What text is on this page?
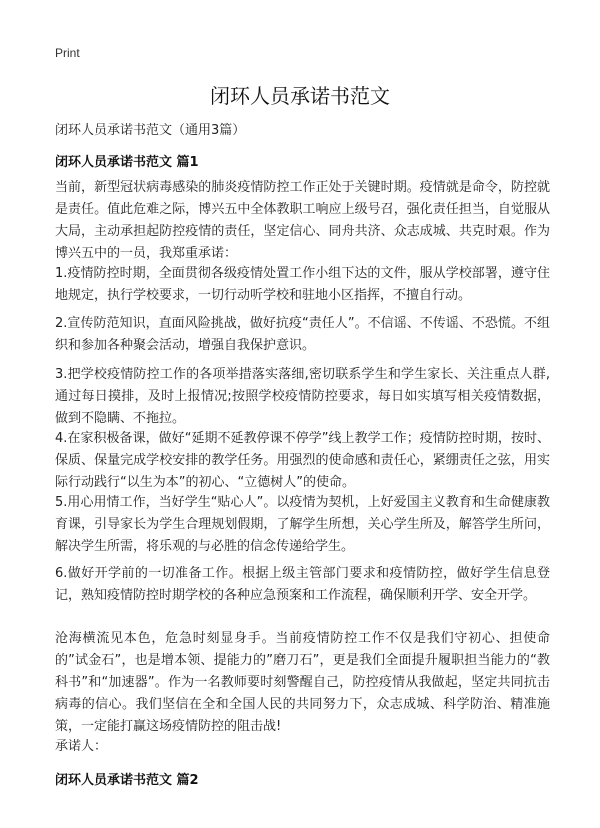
Print
闭环人员承诺书范文
闭环人员承诺书范文（通用3篇）
闭环人员承诺书范文 篇1

当前，新型冠状病毒感染的肺炎疫情防控工作正处于关键时期。疫情就是命令，防控就是责任。值此危难之际，博兴五中全体教职工响应上级号召，强化责任担当，自觉服从大局，主动承担起防控疫情的责任，坚定信心、同舟共济、众志成城、共克时艰。作为博兴五中的一员，我郑重承诺：

1.疫情防控时期，全面贯彻各级疫情处置工作小组下达的文件，服从学校部署，遵守住地规定，执行学校要求，一切行动听学校和驻地小区指挥，不擅自行动。

2.宣传防范知识，直面风险挑战，做好抗疫“责任人”。不信谣、不传谣、不恐慌。不组织和参加各种聚会活动，增强自我保护意识。

3.把学校疫情防控工作的各项举措落实落细,密切联系学生和学生家长、关注重点人群,通过每日摸排，及时上报情况;按照学校疫情防控要求，每日如实填写相关疫情数据，做到不隐瞒、不拖拉。

4.在家积极备课，做好“延期不延教停课不停学”线上教学工作；疫情防控时期，按时、保质、保量完成学校安排的教学任务。用强烈的使命感和责任心，紧绷责任之弦，用实际行动践行“以生为本”的初心、“立德树人”的使命。

5.用心用情工作，当好学生“贴心人”。以疫情为契机，上好爱国主义教育和生命健康教育课，引导家长为学生合理规划假期，了解学生所想，关心学生所及，解答学生所问，解决学生所需，将乐观的与必胜的信念传递给学生。

6.做好开学前的一切准备工作。根据上级主管部门要求和疫情防控，做好学生信息登记，熟知疫情防控时期学校的各种应急预案和工作流程，确保顺利开学、安全开学。

沧海横流见本色，危急时刻显身手。当前疫情防控工作不仅是我们守初心、担使命的”试金石”，也是增本领、提能力的”磨刀石”，更是我们全面提升履职担当能力的“教科书”和“加速器”。作为一名教师要时刻警醒自己，防控疫情从我做起，坚定共同抗击病毒的信心。我们坚信在全和全国人民的共同努力下，众志成城、科学防治、精准施策，一定能打赢这场疫情防控的阻击战!

承诺人：

闭环人员承诺书范文 篇2
